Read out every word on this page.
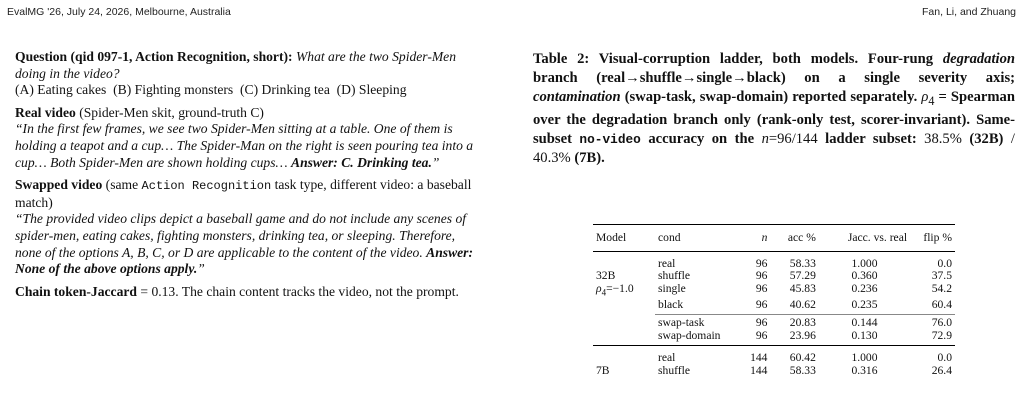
EvalMG '26, July 24, 2026, Melbourne, Australia	Fan, Li, and Zhuang

Question (qid 097-1, Action Recognition, short): What are the two Spider-Men doing in the video?

(A) Eating cakes  (B) Fighting monsters  (C) Drinking tea  (D) Sleeping

Real video (Spider-Men skit, ground-truth C)

“In the first few frames, we see two Spider-Men sitting at a table. One of them is holding a teapot and a cup… The Spider-Man on the right is seen pouring tea into a cup… Both Spider-Men are shown holding cups… Answer: C. Drinking tea.”

Swapped video (same Action Recognition task type, different video: a baseball match)

“The provided video clips depict a baseball game and do not include any scenes of spider-men, eating cakes, fighting monsters, drinking tea, or sleeping. Therefore, none of the options A, B, C, or D are applicable to the content of the video. Answer: None of the above options apply.”

Chain token-Jaccard = 0.13. The chain content tracks the video, not the prompt.

Table 2: Visual-corruption ladder, both models. Four-rung degradation branch (real→shuffle→single→black) on a single severity axis; contamination (swap-task, swap-domain) reported separately. $\rho_4$ = Spearman over the degradation branch only (rank-only test, scorer-invariant). Same-subset no-video accuracy on the n=96/144 ladder subset: 38.5% (32B) / 40.3% (7B).
Model	cond	n	acc %	Jacc. vs. real	flip %
	real	96	58.33	1.000	0.0
32B	shuffle	96	57.29	0.360	37.5
$\rho_4=-1.0$	single	96	45.83	0.236	54.2
	black	96	40.62	0.235	60.4
	swap-task	96	20.83	0.144	76.0
	swap-domain	96	23.96	0.130	72.9
	real	144	60.42	1.000	0.0
7B	shuffle	144	58.33	0.316	26.4
